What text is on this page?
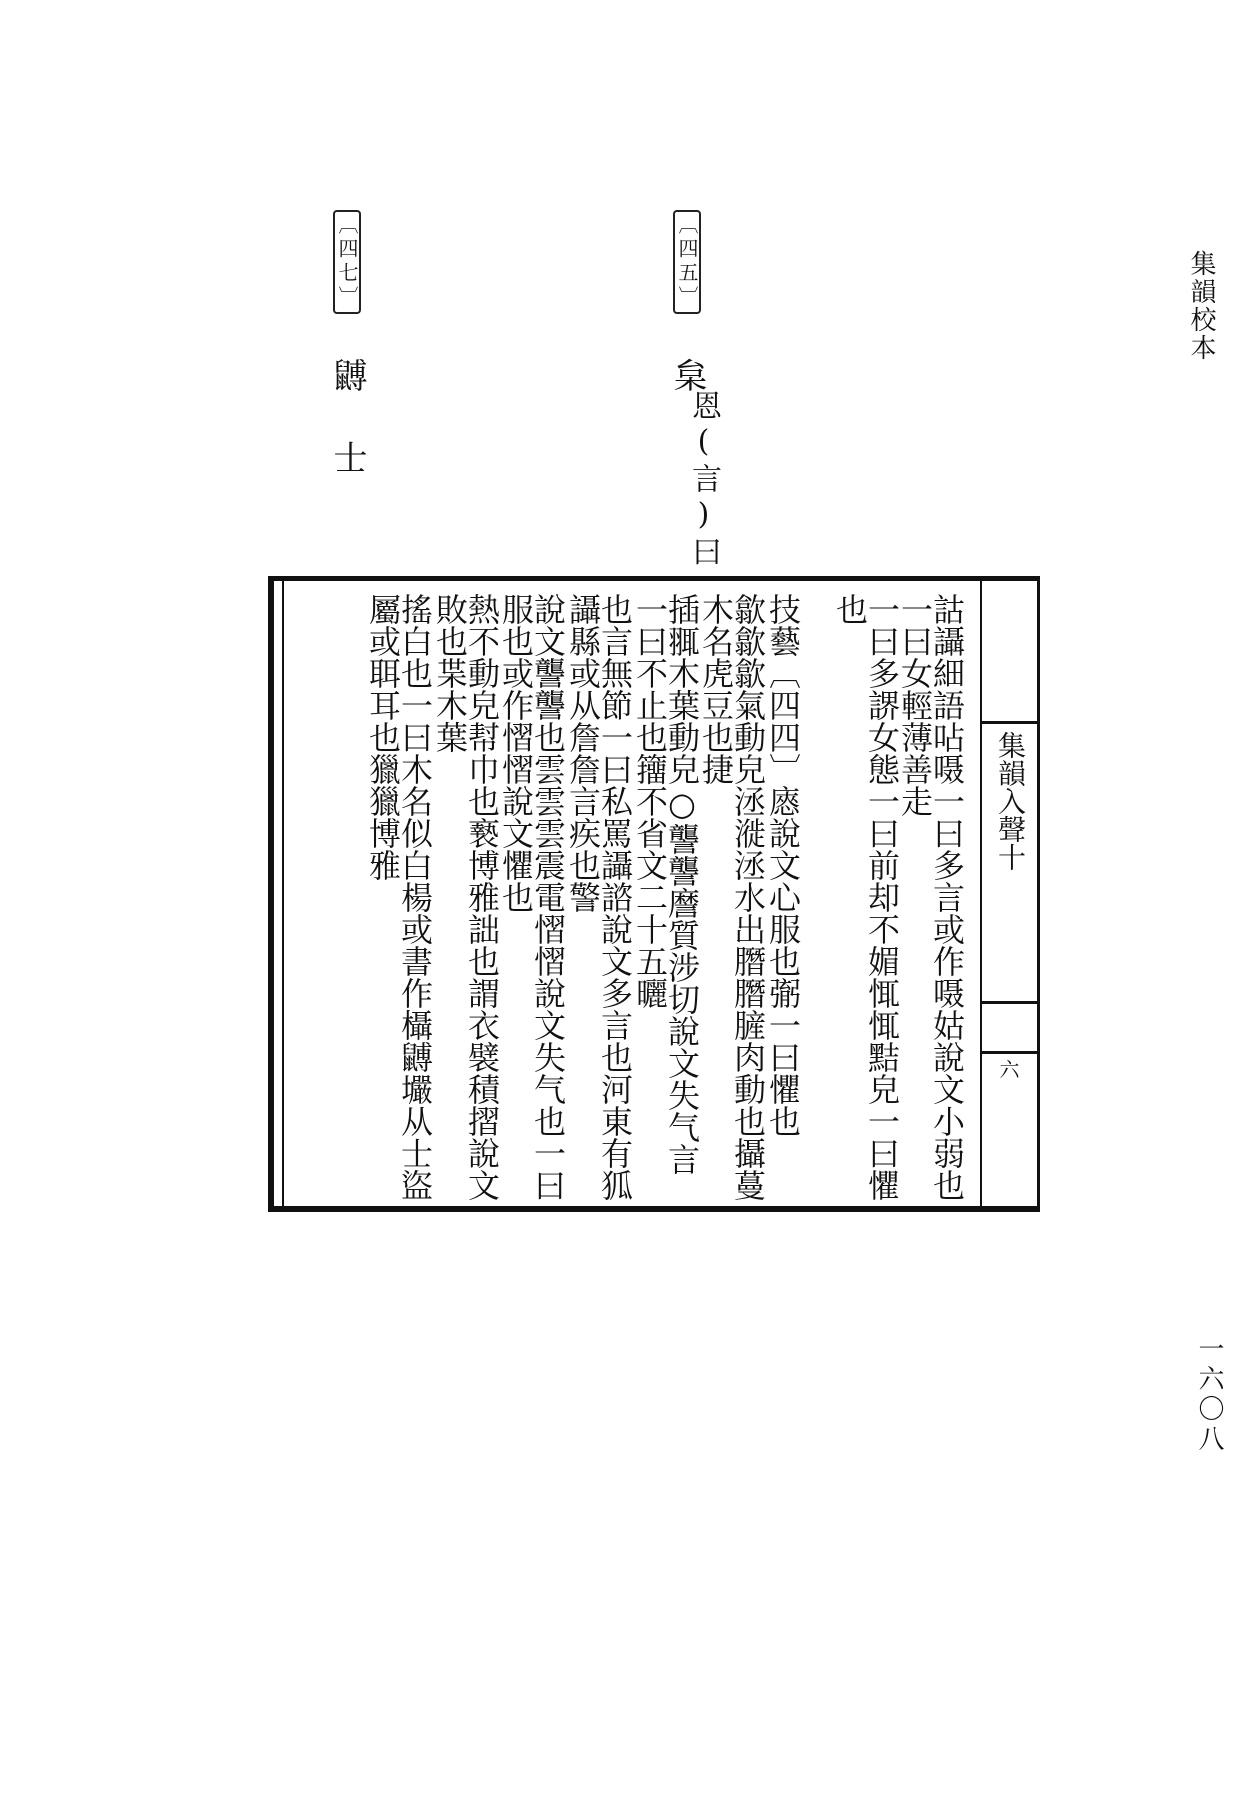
集韻校本
一六〇八
〔四七〕 䶈 士
〔四五〕 枲
恩(言)曰
詁讘細語呫嗫一曰多言或作嗫姑說文小弱也一曰女輕薄善走
一曰多䛺女態一曰前却不媚㤴㤴黠皃一曰懼也
技藝〔四四〕㥷說文心服也㣃一曰懼也
歙歙歙氣動皃洆漇洆水出䐶䐶䐮肉動也攝蔓木名虎豆也捷
插䎎木葉動皃○讋讋䜆質涉切說文失气言一曰不止也籒不省文二十五曬
也言無節一曰私罵讘諮說文多言也河東有狐讘縣或从詹詹言疾也警
說文讋讋也雲雲雲震電慴慴說文失气也一曰服也或作慴慴說文懼也
熱不動皃幇巾也䙝博雅詘也謂衣襞積摺說文敗也枼木葉
搖白也一曰木名似白楊或書作欇䶈壧从士盜屬或聑耳也獵獵博雅	集韻入聲十
六
